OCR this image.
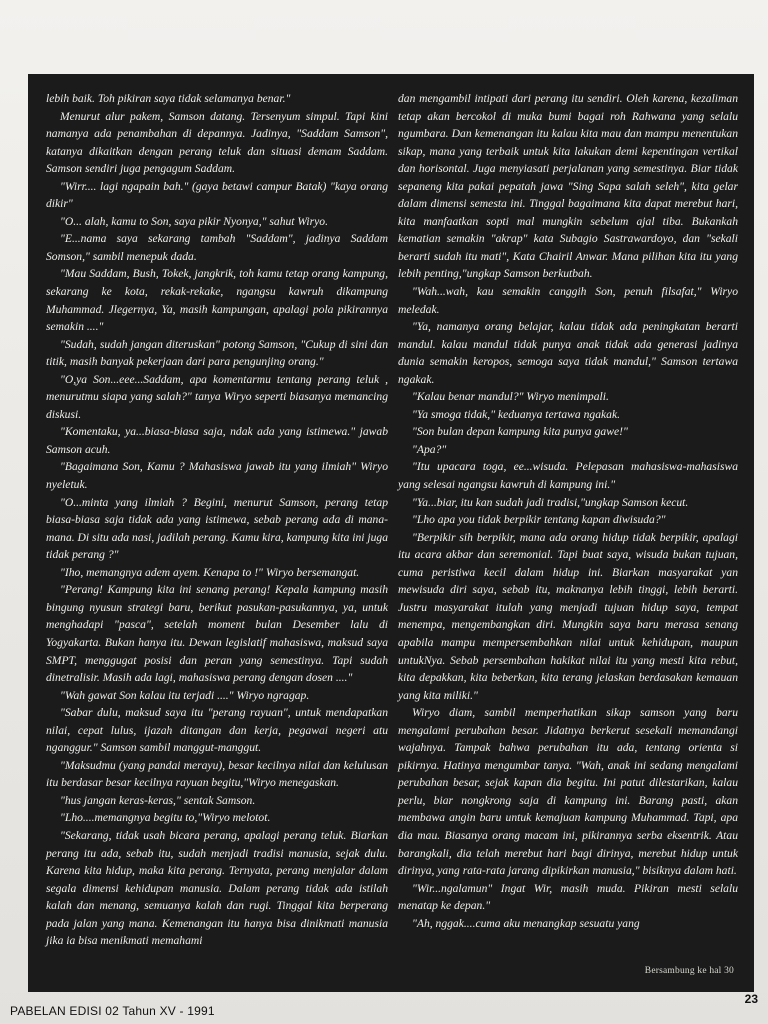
lebih baik. Toh pikiran saya tidak selamanya benar."

Menurut alur pakem, Samson datang. Tersenyum simpul. Tapi kini namanya ada penambahan di depannya. Jadinya, "Saddam Samson", katanya dikaitkan dengan perang teluk dan situasi demam Saddam. Samson sendiri juga pengagum Saddam.

"Wirr.... lagi ngapain bah." (gaya betawi campur Batak) "kaya orang dikir"

"O... alah, kamu to Son, saya pikir Nyonya," sahut Wiryo.

"E...nama saya sekarang tambah "Saddam", jadinya Saddam Somson," sambil menepuk dada.

"Mau Saddam, Bush, Tokek, jangkrik, toh kamu tetap orang kampung, sekarang ke kota, rekak-rekake, ngangsu kawruh dikampung Muhammad. Jlegernya, Ya, masih kampungan, apalagi pola pikirannya semakin ...."

"Sudah, sudah jangan diteruskan" potong Samson, "Cukup di sini dan titik, masih banyak pekerjaan dari para pengunjing orang."

"O,ya Son...eee...Saddam, apa komentarmu tentang perang teluk , menurutmu siapa yang salah?" tanya Wiryo seperti biasanya memancing diskusi.

"Komentaku, ya...biasa-biasa saja, ndak ada yang istimewa." jawab Samson acuh.

"Bagaimana Son, Kamu ? Mahasiswa jawab itu yang ilmiah" Wiryo nyeletuk.

"O...minta yang ilmiah ? Begini, menurut Samson, perang tetap biasa-biasa saja tidak ada yang istimewa, sebab perang ada di mana-mana. Di situ ada nasi, jadilah perang. Kamu kira, kampung kita ini juga tidak perang ?"

"Iho, memangnya adem ayem. Kenapa to !" Wiryo bersemangat.

"Perang! Kampung kita ini senang perang! Kepala kampung masih bingung nyusun strategi baru, berikut pasukan-pasukannya, ya, untuk menghadapi "pasca", setelah moment bulan Desember lalu di Yogyakarta. Bukan hanya itu. Dewan legislatif mahasiswa, maksud saya SMPT, menggugat posisi dan peran yang semestinya. Tapi sudah dinetralisir. Masih ada lagi, mahasiswa perang dengan dosen ...."

"Wah gawat Son kalau itu terjadi ...." Wiryo ngragap.

"Sabar dulu, maksud saya itu "perang rayuan", untuk mendapatkan nilai, cepat lulus, ijazah ditangan dan kerja, pegawai negeri atu nganggur." Samson sambil manggut-manggut.

"Maksudmu (yang pandai merayu), besar kecilnya nilai dan kelulusan itu berdasar besar kecilnya rayuan begitu,"Wiryo menegaskan.

"hus jangan keras-keras," sentak Samson.

"Lho....memangnya begitu to,"Wiryo melotot.

"Sekarang, tidak usah bicara perang, apalagi perang teluk. Biarkan perang itu ada, sebab itu, sudah menjadi tradisi manusia, sejak dulu. Karena kita hidup, maka kita perang. Ternyata, perang menjalar dalam segala dimensi kehidupan manusia. Dalam perang tidak ada istilah kalah dan menang, semuanya kalah dan rugi. Tinggal kita berperang pada jalan yang mana. Kemenangan itu hanya bisa dinikmati manusia jika ia bisa menikmati memahami

dan mengambil intipati dari perang itu sendiri. Oleh karena, kezaliman tetap akan bercokol di muka bumi bagai roh Rahwana yang selalu ngumbara. Dan kemenangan itu kalau kita mau dan mampu menentukan sikap, mana yang terbaik untuk kita lakukan demi kepentingan vertikal dan horisontal. Juga menyiasati perjalanan yang semestinya. Biar tidak sepaneng kita pakai pepatah jawa "Sing Sapa salah seleh", kita gelar dalam dimensi semesta ini. Tinggal bagaimana kita dapat merebut hari, kita manfaatkan sopti mal mungkin sebelum ajal tiba. Bukankah kematian semakin "akrap" kata Subagio Sastrawardoyo, dan "sekali berarti sudah itu mati", Kata Chairil Anwar. Mana pilihan kita itu yang lebih penting,"ungkap Samson berkutbah.

"Wah...wah, kau semakin canggih Son, penuh filsafat," Wiryo meledak.

"Ya, namanya orang belajar, kalau tidak ada peningkatan berarti mandul. kalau mandul tidak punya anak tidak ada generasi jadinya dunia semakin keropos, semoga saya tidak mandul," Samson tertawa ngakak.

"Kalau benar mandul?" Wiryo menimpali.

"Ya smoga tidak," keduanya tertawa ngakak.

"Son bulan depan kampung kita punya gawe!"

"Apa?"

"Itu upacara toga, ee...wisuda. Pelepasan mahasiswa-mahasiswa yang selesai ngangsu kawruh di kampung ini."

"Ya...biar, itu kan sudah jadi tradisi,"ungkap Samson kecut.

"Lho apa you tidak berpikir tentang kapan diwisuda?"

"Berpikir sih berpikir, mana ada orang hidup tidak berpikir, apalagi itu acara akbar dan seremonial. Tapi buat saya, wisuda bukan tujuan, cuma peristiwa kecil dalam hidup ini. Biarkan masyarakat yan mewisuda diri saya, sebab itu, maknanya lebih tinggi, lebih berarti. Justru masyarakat itulah yang menjadi tujuan hidup saya, tempat menempa, mengembangkan diri. Mungkin saya baru merasa senang apabila mampu mempersembahkan nilai untuk kehidupan, maupun untukNya. Sebab persembahan hakikat nilai itu yang mesti kita rebut, kita depakkan, kita beberkan, kita terang jelaskan berdasakan kemauan yang kita miliki."

Wiryo diam, sambil memperhatikan sikap samson yang baru mengalami perubahan besar. Jidatnya berkerut sesekali memandangi wajahnya. Tampak bahwa perubahan itu ada, tentang orienta si pikirnya. Hatinya mengumbar tanya. "Wah, anak ini sedang mengalami perubahan besar, sejak kapan dia begitu. Ini patut dilestarikan, kalau perlu, biar nongkrong saja di kampung ini. Barang pasti, akan membawa angin baru untuk kemajuan kampung Muhammad. Tapi, apa dia mau. Biasanya orang macam ini, pikirannya serba eksentrik. Atau barangkali, dia telah merebut hari bagi dirinya, merebut hidup untuk dirinya, yang rata-rata jarang dipikirkan manusia," bisiknya dalam hati.

"Wir...ngalamun" Ingat Wir, masih muda. Pikiran mesti selalu menatap ke depan."

"Ah, nggak....cuma aku menangkap sesuatu yang

Bersambung ke hal 30
PABELAN EDISI 02 Tahun XV - 1991
23
